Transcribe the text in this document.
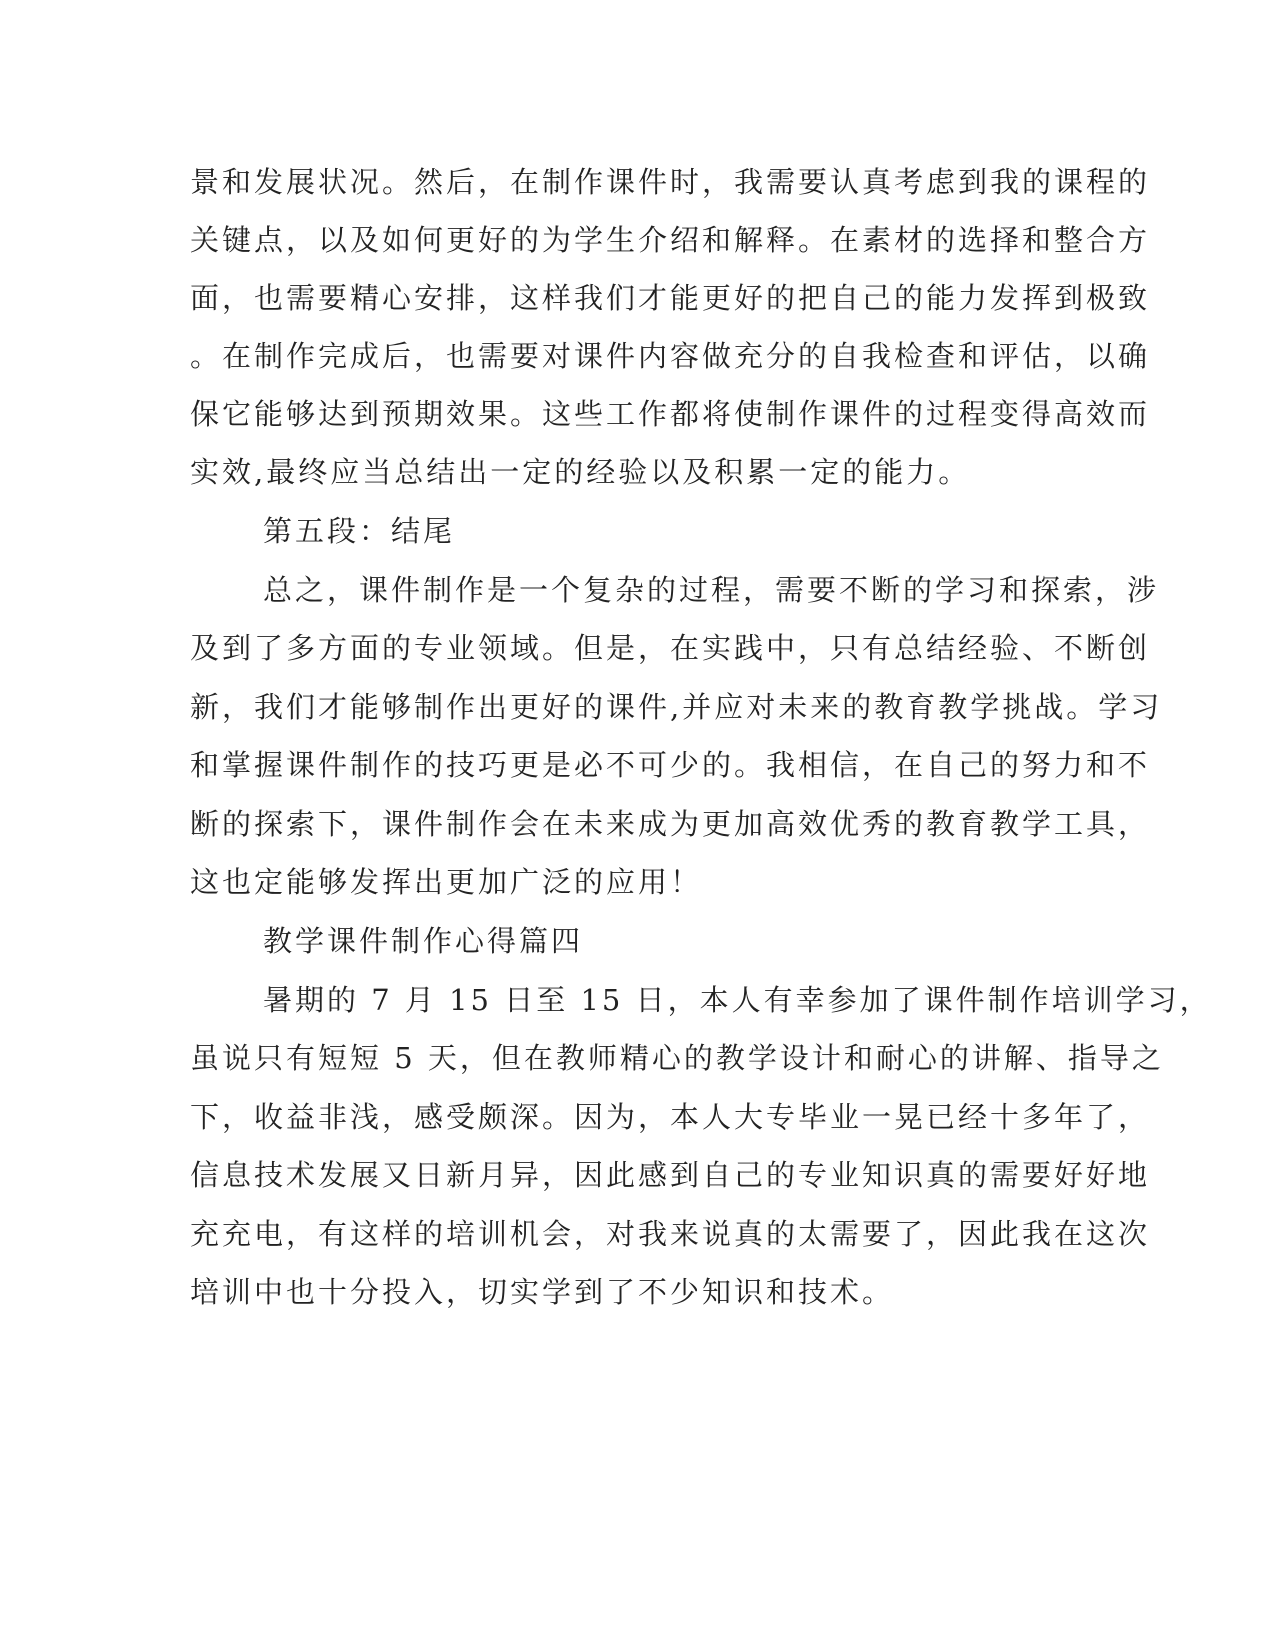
景和发展状况。然后，在制作课件时，我需要认真考虑到我的课程的
关键点，以及如何更好的为学生介绍和解释。在素材的选择和整合方
面，也需要精心安排，这样我们才能更好的把自己的能力发挥到极致
。在制作完成后，也需要对课件内容做充分的自我检查和评估，以确
保它能够达到预期效果。这些工作都将使制作课件的过程变得高效而
实效,最终应当总结出一定的经验以及积累一定的能力。
第五段：结尾
总之，课件制作是一个复杂的过程，需要不断的学习和探索，涉
及到了多方面的专业领域。但是，在实践中，只有总结经验、不断创
新，我们才能够制作出更好的课件,并应对未来的教育教学挑战。学习
和掌握课件制作的技巧更是必不可少的。我相信，在自己的努力和不
断的探索下，课件制作会在未来成为更加高效优秀的教育教学工具，
这也定能够发挥出更加广泛的应用！
教学课件制作心得篇四
暑期的 7 月 15 日至 15 日，本人有幸参加了课件制作培训学习，
虽说只有短短 5 天，但在教师精心的教学设计和耐心的讲解、指导之
下，收益非浅，感受颇深。因为，本人大专毕业一晃已经十多年了，
信息技术发展又日新月异，因此感到自己的专业知识真的需要好好地
充充电，有这样的培训机会，对我来说真的太需要了，因此我在这次
培训中也十分投入，切实学到了不少知识和技术。
